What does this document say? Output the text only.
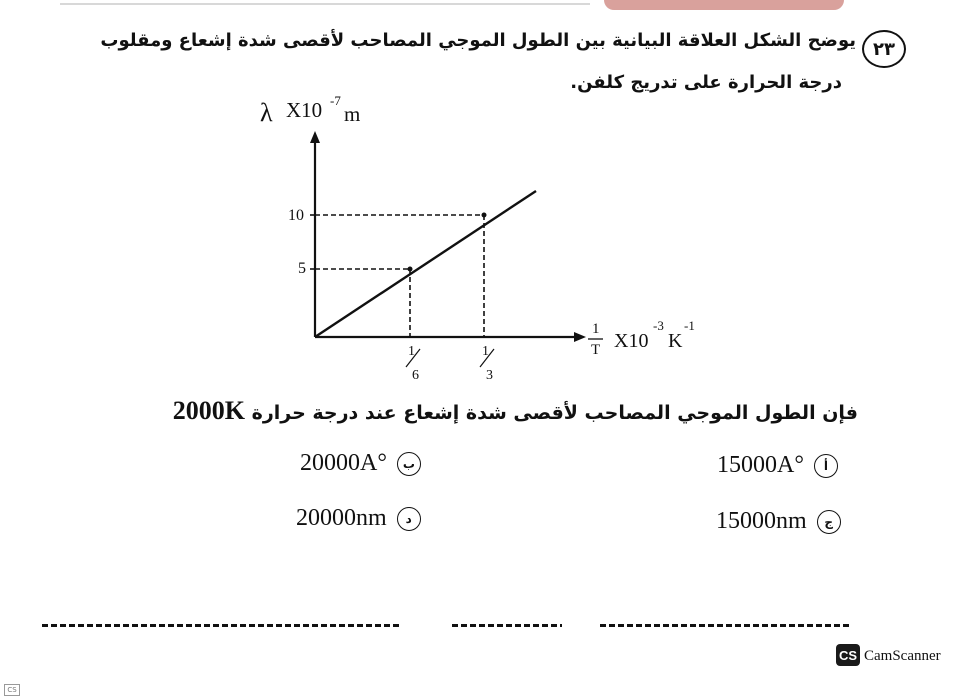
٢٣
يوضح الشكل العلاقة البيانية بين الطول الموجي المصاحب لأقصى شدة إشعاع ومقلوب
درجة الحرارة على تدريج كلفن.
λ X10 -7
m
10
5
1
6
1
3
1
T X10
-3
K
-1
فإن الطول الموجي المصاحب لأقصى شدة إشعاع عند درجة حرارة 2000K
15000A°	أ
20000A°	ب
15000nm	ج
20000nm	د
CS CamScanner
CS
